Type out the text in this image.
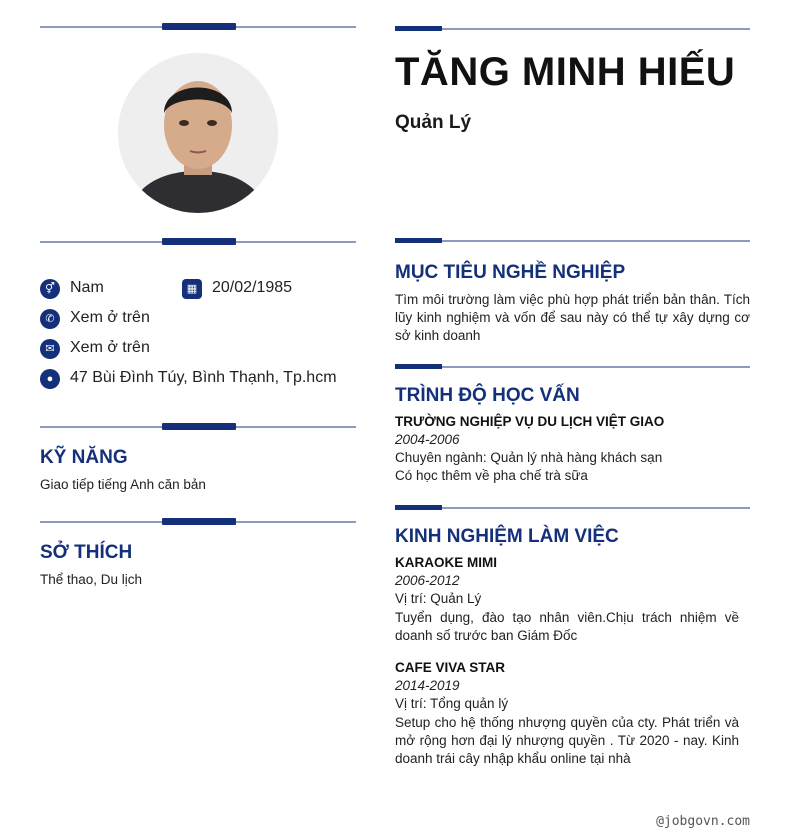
⚥ Nam	▦ 20/02/1985
✆ Xem ở trên
✉ Xem ở trên
●	47 Bùi Đình Túy, Bình Thạnh, Tp.hcm
KỸ NĂNG
Giao tiếp tiếng Anh căn bản
SỞ THÍCH
Thể thao, Du lịch
TĂNG MINH HIẾU
Quản Lý
MỤC TIÊU NGHỀ NGHIỆP
Tìm môi trường làm việc phù hợp phát triển bản thân. Tích lũy kinh nghiệm và vốn để sau này có thể tự xây dựng cơ sở kinh doanh
TRÌNH ĐỘ HỌC VẤN
TRƯỜNG NGHIỆP VỤ DU LỊCH VIỆT GIAO
2004-2006
Chuyên ngành: Quản lý nhà hàng khách sạn
Có học thêm về pha chế trà sữa
KINH NGHIỆM LÀM VIỆC
KARAOKE MIMI
2006-2012
Vị trí: Quản Lý
Tuyển dụng, đào tạo nhân viên.Chịu trách nhiệm về doanh số trước ban Giám Đốc
CAFE VIVA STAR
2014-2019
Vị trí: Tổng quản lý
Setup cho hệ thống nhượng quyền của cty. Phát triển và mở rộng hơn đại lý nhượng quyền . Từ 2020 - nay. Kinh doanh trái cây nhập khẩu online tại nhà
@jobgovn.com
